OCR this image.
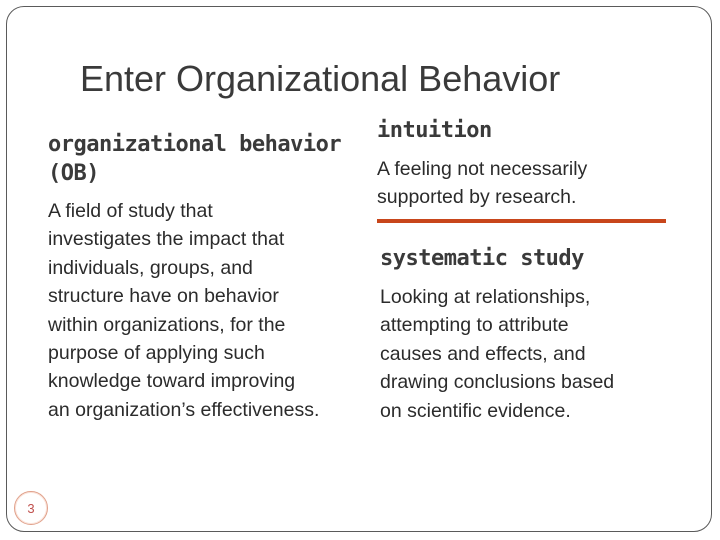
Enter Organizational Behavior
organizational behavior
(OB)
A field of study that
investigates the impact that
individuals, groups, and
structure have on behavior
within organizations, for the
purpose of applying such
knowledge toward improving
an organization’s effectiveness.
intuition
A feeling not necessarily
supported by research.
systematic study
Looking at relationships,
attempting to attribute
causes and effects, and
drawing conclusions based
on scientific evidence.
3
